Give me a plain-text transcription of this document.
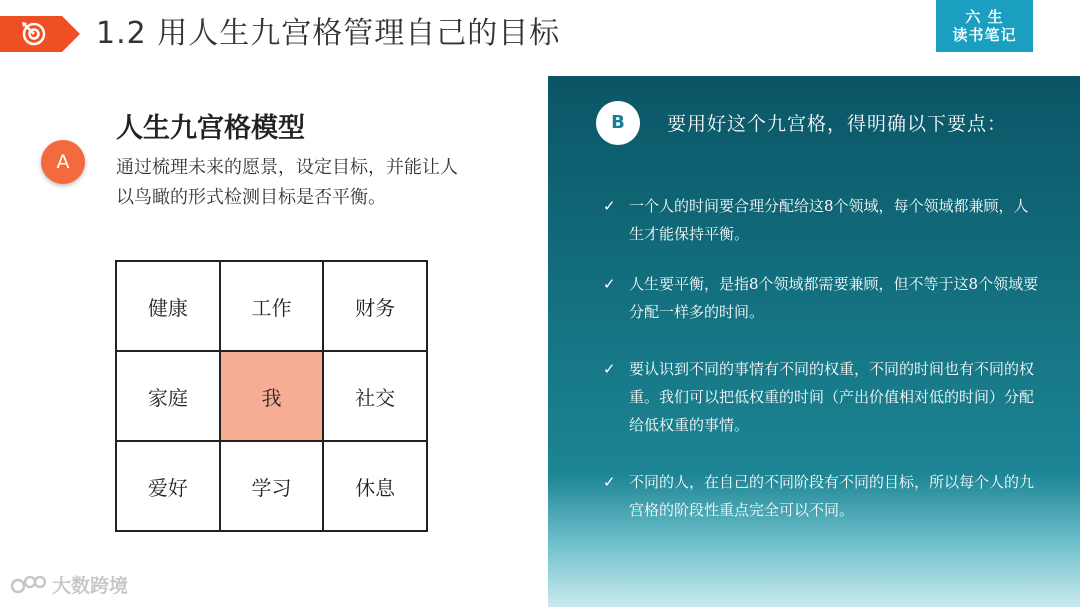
1.2 用人生九宫格管理自己的目标	六 生
读书笔记
A
人生九宫格模型
通过梳理未来的愿景，设定目标，并能让人以鸟瞰的形式检测目标是否平衡。
健康	工作	财务
家庭	我	社交
爱好	学习	休息
B	要用好这个九宫格，得明确以下要点：
✓ 一个人的时间要合理分配给这8个领域，每个领域都兼顾，人生才能保持平衡。
✓ 人生要平衡，是指8个领域都需要兼顾，但不等于这8个领域要分配一样多的时间。
✓ 要认识到不同的事情有不同的权重，不同的时间也有不同的权重。我们可以把低权重的时间（产出价值相对低的时间）分配给低权重的事情。
✓ 不同的人，在自己的不同阶段有不同的目标，所以每个人的九宫格的阶段性重点完全可以不同。
大数跨境
